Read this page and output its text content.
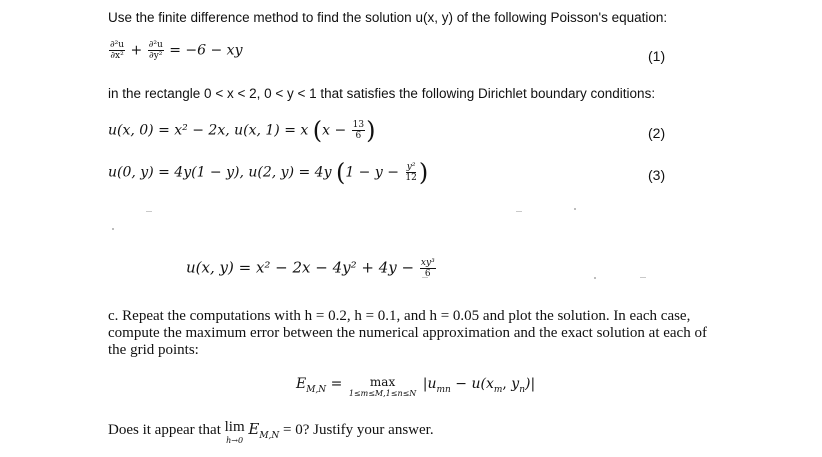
Use the finite difference method to find the solution u(x, y) of the following Poisson's equation:
$\frac{\text{∂²u}}{\text{∂x²}} + \frac{\text{∂²u}}{\text{∂y²}} = -6$ − xy	(1)
in the rectangle 0 < x < 2, 0 < y < 1 that satisfies the following Dirichlet boundary conditions:
u(x, 0) = x² − 2x, u(x, 1) = x ($x - \frac{13}{6}$ )	(2)
u(0, y) = 4y(1 − y), u(2, y) = 4y ($1 - y - \frac{\text{y²}}{12}$ )	(3)
u(x, $y) = x^2 - 2x - 4y^2 + 4y - \frac{\text{xy³}}{6}$
c. Repeat the computations with h = 0.2, h = 0.1, and h = 0.05 and plot the solution. In each case,
compute the maximum error between the numerical approximation and the exact solution at each of
the grid points:
$E_{M,N} = \max$
1≤m≤M,1≤n≤N
$|u_{mn} - u(x_m$, $y_n)|$
Does it appear that lim
h→0
$E_{M,N} = 0$? Justify your answer.
